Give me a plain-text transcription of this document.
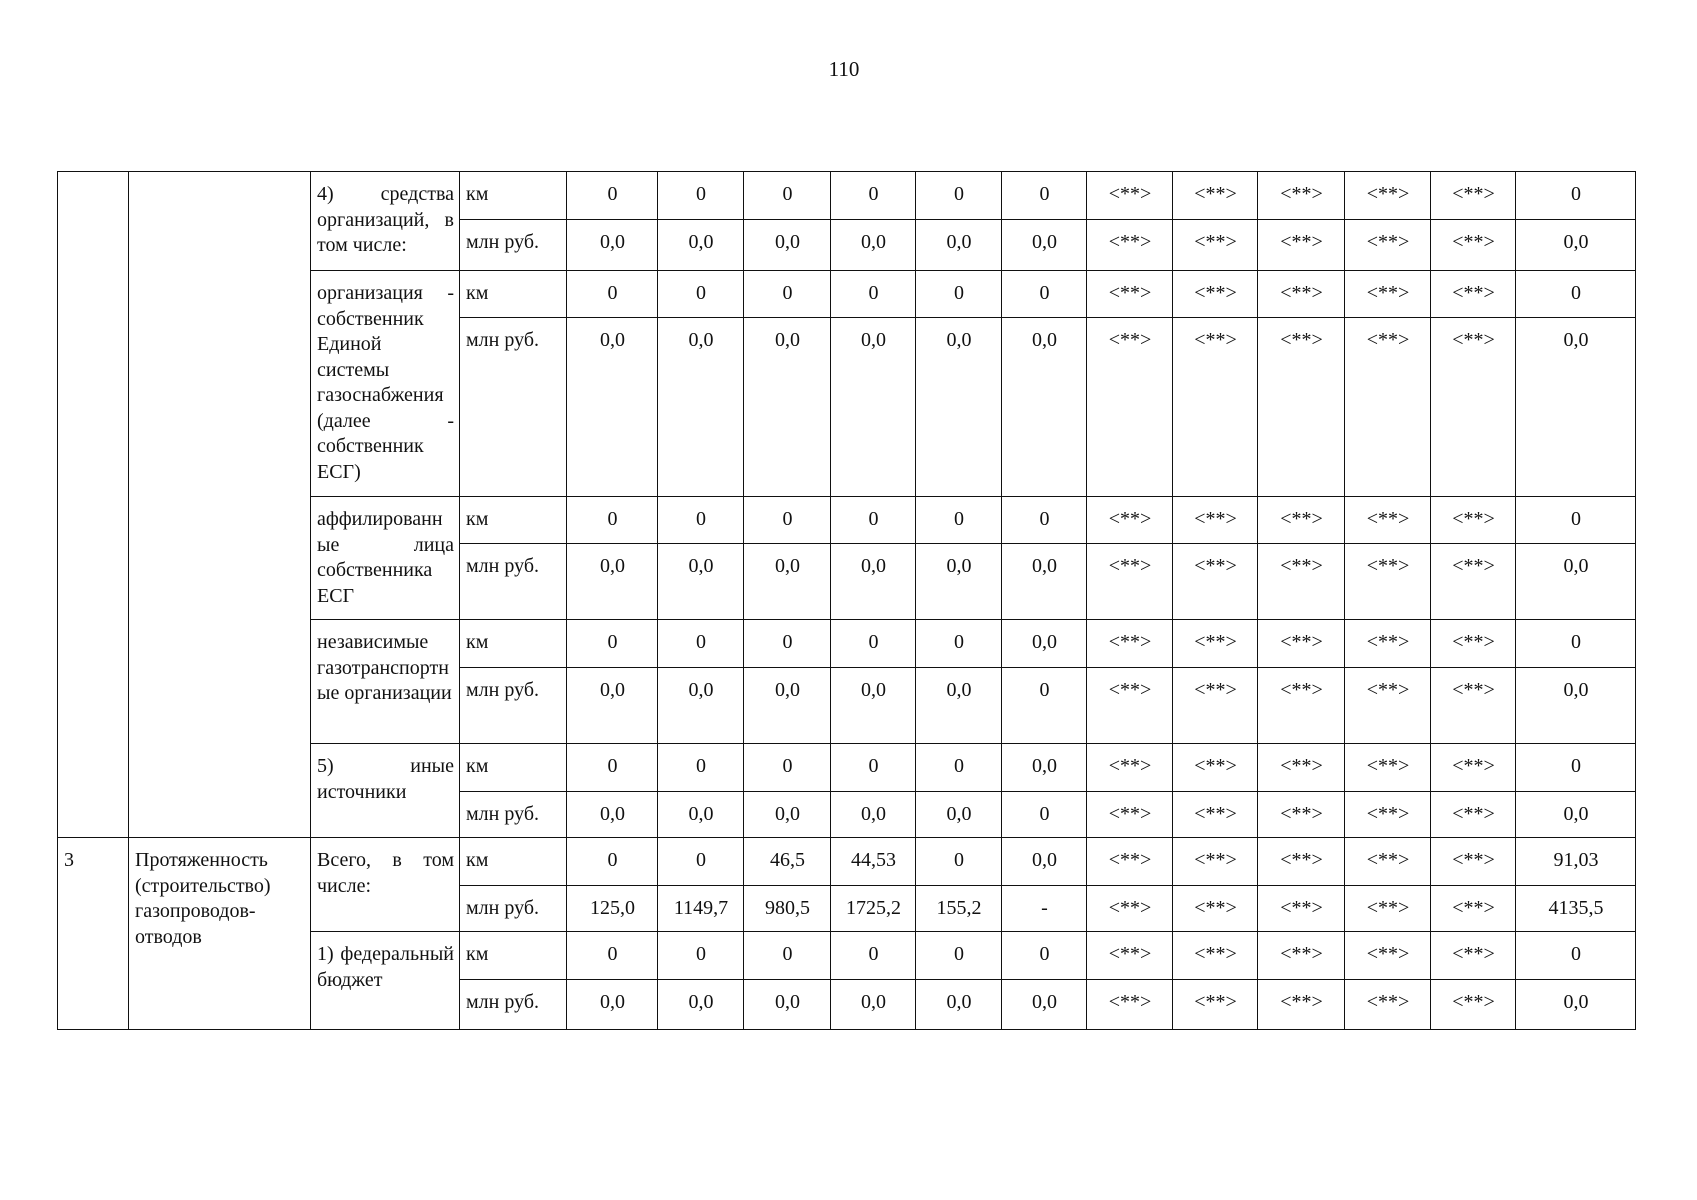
110
		4) средства организаций, в том числе:	км	0	0	0	0	0	0	<**>	<**>	<**>	<**>	<**>	0
			млн руб.	0,0	0,0	0,0	0,0	0,0	0,0	<**>	<**>	<**>	<**>	<**>	0,0
		организация - собственник Единой системы газоснабжения (далее - собственник ЕСГ)	км	0	0	0	0	0	0	<**>	<**>	<**>	<**>	<**>	0
			млн руб.	0,0	0,0	0,0	0,0	0,0	0,0	<**>	<**>	<**>	<**>	<**>	0,0
		аффилированные лица собственника ЕСГ	км	0	0	0	0	0	0	<**>	<**>	<**>	<**>	<**>	0
			млн руб.	0,0	0,0	0,0	0,0	0,0	0,0	<**>	<**>	<**>	<**>	<**>	0,0
		независимые газотранспортные организации	км	0	0	0	0	0	0,0	<**>	<**>	<**>	<**>	<**>	0
			млн руб.	0,0	0,0	0,0	0,0	0,0	0	<**>	<**>	<**>	<**>	<**>	0,0
		5) иные источники	км	0	0	0	0	0	0,0	<**>	<**>	<**>	<**>	<**>	0
			млн руб.	0,0	0,0	0,0	0,0	0,0	0	<**>	<**>	<**>	<**>	<**>	0,0
3	Протяженность (строительство) газопроводов-отводов	Всего, в том числе:	км	0	0	46,5	44,53	0	0,0	<**>	<**>	<**>	<**>	<**>	91,03
			млн руб.	125,0	1149,7	980,5	1725,2	155,2	-	<**>	<**>	<**>	<**>	<**>	4135,5
		1) федеральный бюджет	км	0	0	0	0	0	0	<**>	<**>	<**>	<**>	<**>	0
			млн руб.	0,0	0,0	0,0	0,0	0,0	0,0	<**>	<**>	<**>	<**>	<**>	0,0
